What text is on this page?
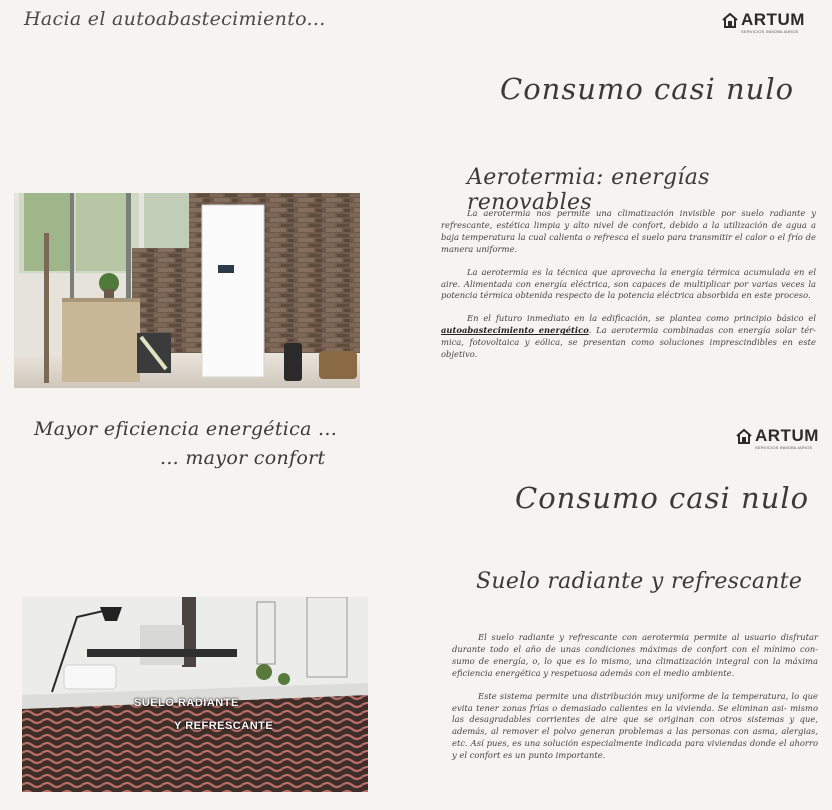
Hacia el autoabastecimiento...	ARTUM
SERVICIOS INMOBILIARIOS
Consumo casi nulo
Aerotermia: energías renovables

La aerotermia nos permite una climatización invisible por suelo radiante y refrescante, estética limpia y alto nivel de confort, debido a la utilización de agua a baja temperatura la cual calienta o refresca el suelo para transmitir el calor o el frío de manera uniforme.

La aerotermia es la técnica que aprovecha la energía térmica acumulada en el aire. Alimentada con energía eléctrica, son capaces de multiplicar por varias veces la potencia térmica obtenida respecto de la potencia eléctrica absorbida en este proceso.

En el futuro inmediato en la edificación, se plantea como principio básico el autoabastecimiento energético. La aerotermia combinadas con energía solar tér- mica, fotovoltaica y eólica, se presentan como soluciones imprescindibles en este objetivo.

Mayor eficiencia energética ...
... mayor confort
ARTUM
SERVICIOS INMOBILIARIOS
Consumo casi nulo
Suelo radiante y refrescante

El suelo radiante y refrescante con aerotermia permite al usuario disfrutar durante todo el año de unas condiciones máximas de confort con el mínimo con- sumo de energía, o, lo que es lo mismo, una climatización integral con la máxima eficiencia energética y respetuosa además con el medio ambiente.

Este sistema permite una distribución muy uniforme de la temperatura, lo que evita tener zonas frías o demasiado calientes en la vivienda. Se eliminan asi- mismo las desagradables corrientes de aire que se originan con otros sistemas y que, además, al remover el polvo generan problemas a las personas con asma, alergias, etc. Así pues, es una solución especialmente indicada para viviendas donde el ahorro y el confort es un punto importante.

SUELO RADIANTE
Y REFRESCANTE
